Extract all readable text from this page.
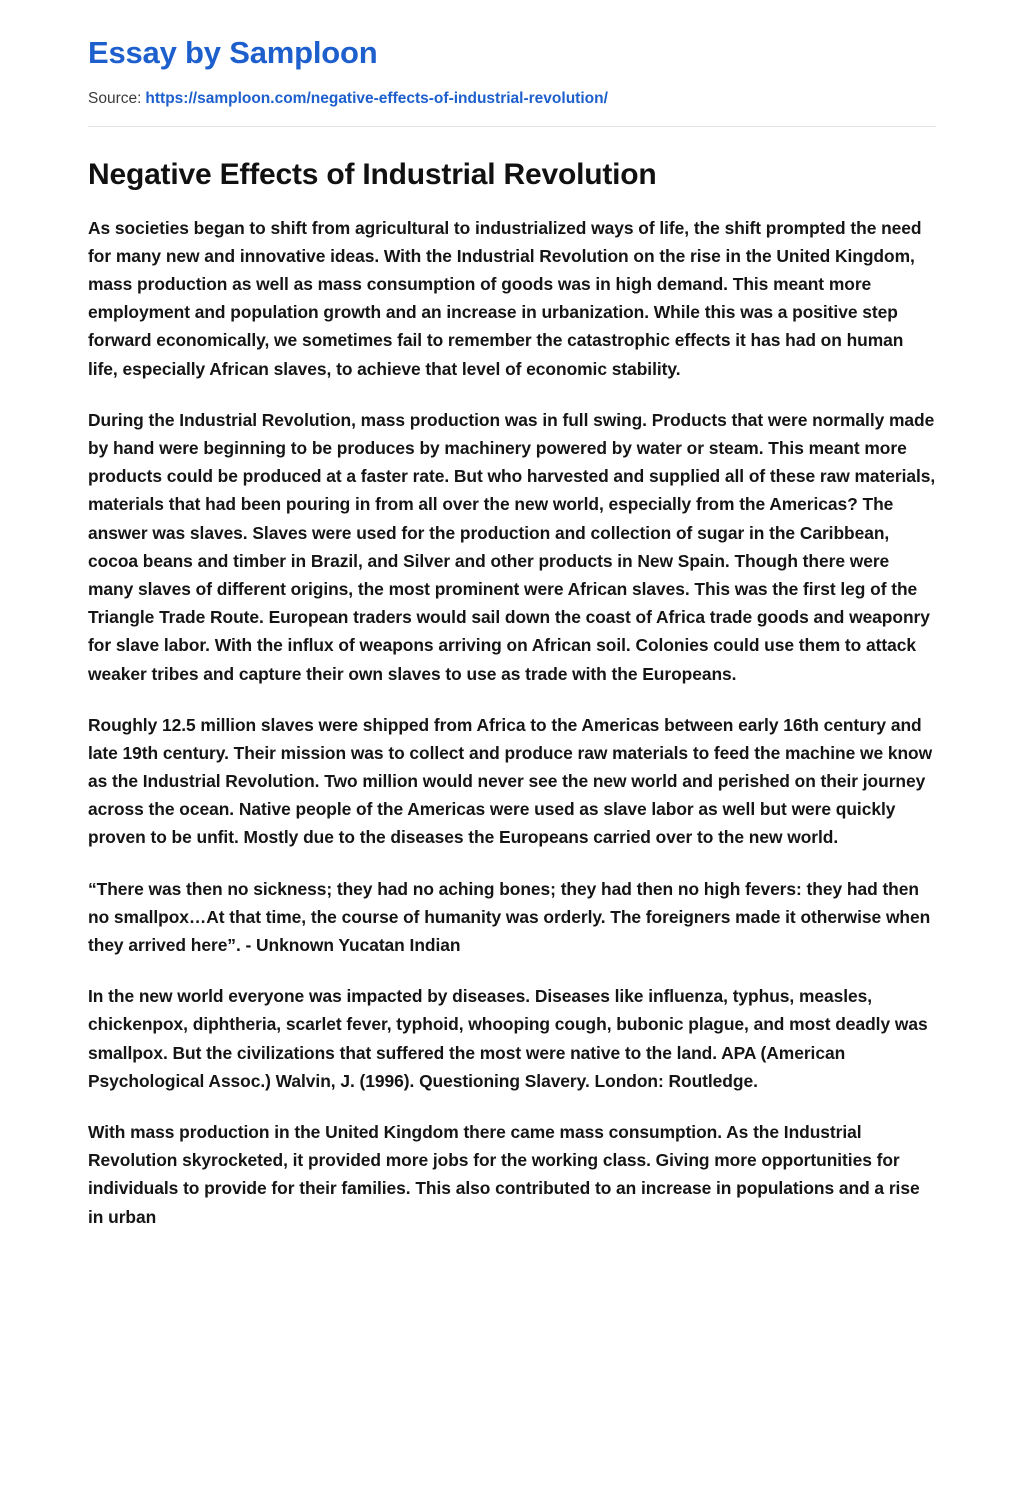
Essay by Samploon
Source: https://samploon.com/negative-effects-of-industrial-revolution/
Negative Effects of Industrial Revolution

As societies began to shift from agricultural to industrialized ways of life, the shift prompted the need for many new and innovative ideas. With the Industrial Revolution on the rise in the United Kingdom, mass production as well as mass consumption of goods was in high demand. This meant more employment and population growth and an increase in urbanization. While this was a positive step forward economically, we sometimes fail to remember the catastrophic effects it has had on human life, especially African slaves, to achieve that level of economic stability.

During the Industrial Revolution, mass production was in full swing. Products that were normally made by hand were beginning to be produces by machinery powered by water or steam. This meant more products could be produced at a faster rate. But who harvested and supplied all of these raw materials, materials that had been pouring in from all over the new world, especially from the Americas? The answer was slaves. Slaves were used for the production and collection of sugar in the Caribbean, cocoa beans and timber in Brazil, and Silver and other products in New Spain. Though there were many slaves of different origins, the most prominent were African slaves. This was the first leg of the Triangle Trade Route. European traders would sail down the coast of Africa trade goods and weaponry for slave labor. With the influx of weapons arriving on African soil. Colonies could use them to attack weaker tribes and capture their own slaves to use as trade with the Europeans.

Roughly 12.5 million slaves were shipped from Africa to the Americas between early 16th century and late 19th century. Their mission was to collect and produce raw materials to feed the machine we know as the Industrial Revolution. Two million would never see the new world and perished on their journey across the ocean. Native people of the Americas were used as slave labor as well but were quickly proven to be unfit. Mostly due to the diseases the Europeans carried over to the new world.

“There was then no sickness; they had no aching bones; they had then no high fevers: they had then no smallpox…At that time, the course of humanity was orderly. The foreigners made it otherwise when they arrived here”. - Unknown Yucatan Indian

In the new world everyone was impacted by diseases. Diseases like influenza, typhus, measles, chickenpox, diphtheria, scarlet fever, typhoid, whooping cough, bubonic plague, and most deadly was smallpox. But the civilizations that suffered the most were native to the land. APA (American Psychological Assoc.) Walvin, J. (1996). Questioning Slavery. London: Routledge.

With mass production in the United Kingdom there came mass consumption. As the Industrial Revolution skyrocketed, it provided more jobs for the working class. Giving more opportunities for individuals to provide for their families. This also contributed to an increase in populations and a rise in urban
